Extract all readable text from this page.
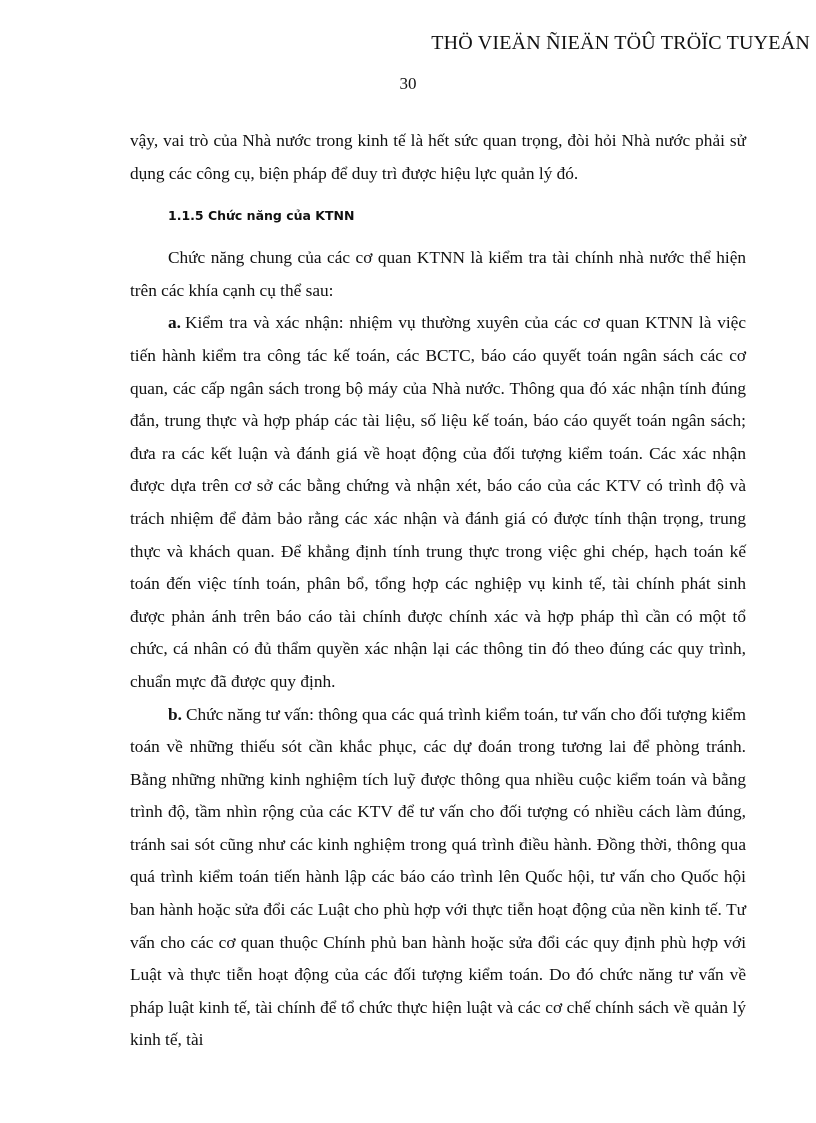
THÖ VIEÄN ÑIEÄN TÖÛ TRÖÏC TUYEÁN
30

vậy, vai trò của Nhà nước trong kinh tế là hết sức quan trọng, đòi hỏi Nhà nước phải sử dụng các công cụ, biện pháp để duy trì được hiệu lực quản lý đó.

1.1.5 Chức năng của KTNN

Chức năng chung của các cơ quan KTNN là kiểm tra tài chính nhà nước thể hiện trên các khía cạnh cụ thể sau:

a. Kiểm tra và xác nhận: nhiệm vụ thường xuyên của các cơ quan KTNN là việc tiến hành kiểm tra công tác kế toán, các BCTC, báo cáo quyết toán ngân sách các cơ quan, các cấp ngân sách trong bộ máy của Nhà nước. Thông qua đó xác nhận tính đúng đắn, trung thực và hợp pháp các tài liệu, số liệu kế toán, báo cáo quyết toán ngân sách; đưa ra các kết luận và đánh giá về hoạt động của đối tượng kiểm toán. Các xác nhận được dựa trên cơ sở các bằng chứng và nhận xét, báo cáo của các KTV có trình độ và trách nhiệm để đảm bảo rằng các xác nhận và đánh giá có được tính thận trọng, trung thực và khách quan. Để khẳng định tính trung thực trong việc ghi chép, hạch toán kế toán đến việc tính toán, phân bổ, tổng hợp các nghiệp vụ kinh tế, tài chính phát sinh được phản ánh trên báo cáo tài chính được chính xác và hợp pháp thì cần có một tổ chức, cá nhân có đủ thẩm quyền xác nhận lại các thông tin đó theo đúng các quy trình, chuẩn mực đã được quy định.

b. Chức năng tư vấn: thông qua các quá trình kiểm toán, tư vấn cho đối tượng kiểm toán về những thiếu sót cần khắc phục, các dự đoán trong tương lai để phòng tránh. Bằng những những kinh nghiệm tích luỹ được thông qua nhiều cuộc kiểm toán và bằng trình độ, tầm nhìn rộng của các KTV để tư vấn cho đối tượng có nhiều cách làm đúng, tránh sai sót cũng như các kinh nghiệm trong quá trình điều hành. Đồng thời, thông qua quá trình kiểm toán tiến hành lập các báo cáo trình lên Quốc hội, tư vấn cho Quốc hội ban hành hoặc sửa đổi các Luật cho phù hợp với thực tiễn hoạt động của nền kinh tế. Tư vấn cho các cơ quan thuộc Chính phủ ban hành hoặc sửa đổi các quy định phù hợp với Luật và thực tiễn hoạt động của các đối tượng kiểm toán. Do đó chức năng tư vấn về pháp luật kinh tế, tài chính để tổ chức thực hiện luật và các cơ chế chính sách về quản lý kinh tế, tài
